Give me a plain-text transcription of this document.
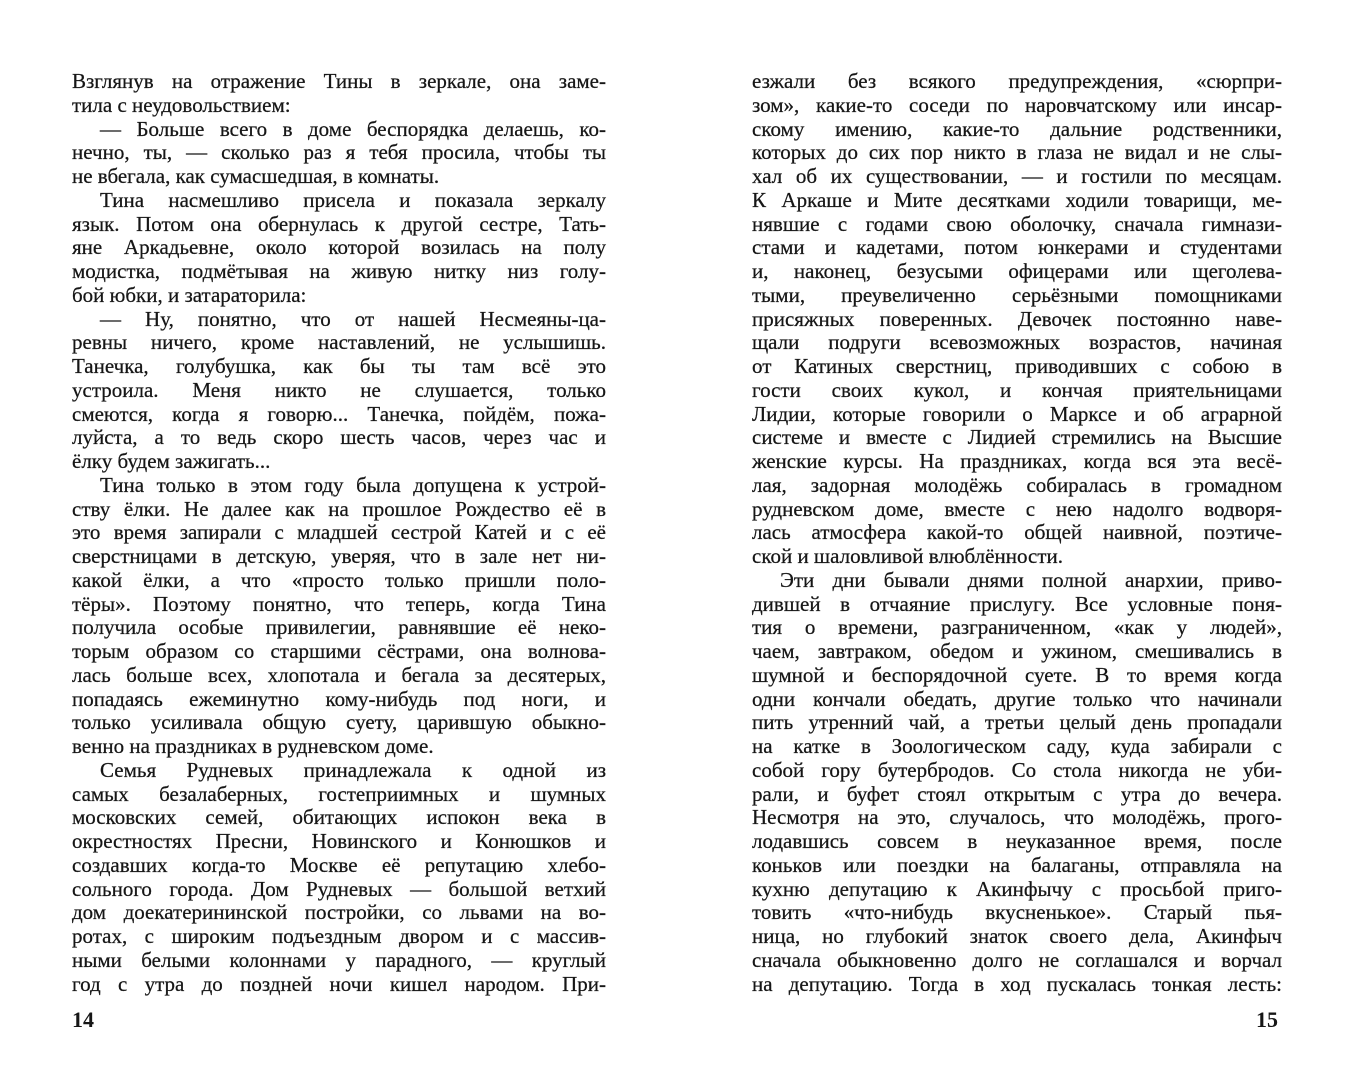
Взглянув на отражение Тины в зеркале, она заме-
тила с неудовольствием:
— Больше всего в доме беспорядка делаешь, ко-
нечно, ты, — сколько раз я тебя просила, чтобы ты
не вбегала, как сумасшедшая, в комнаты.
Тина насмешливо присела и показала зеркалу
язык. Потом она обернулась к другой сестре, Тать-
яне Аркадьевне, около которой возилась на полу
модистка, подмётывая на живую нитку низ голу-
бой юбки, и затараторила:
— Ну, понятно, что от нашей Несмеяны-ца-
ревны ничего, кроме наставлений, не услышишь.
Танечка, голубушка, как бы ты там всё это
устроила. Меня никто не слушается, только
смеются, когда я говорю... Танечка, пойдём, пожа-
луйста, а то ведь скоро шесть часов, через час и
ёлку будем зажигать...
Тина только в этом году была допущена к устрой-
ству ёлки. Не далее как на прошлое Рождество её в
это время запирали с младшей сестрой Катей и с её
сверстницами в детскую, уверяя, что в зале нет ни-
какой ёлки, а что «просто только пришли поло-
тёры». Поэтому понятно, что теперь, когда Тина
получила особые привилегии, равнявшие её неко-
торым образом со старшими сёстрами, она волнова-
лась больше всех, хлопотала и бегала за десятерых,
попадаясь ежеминутно кому-нибудь под ноги, и
только усиливала общую суету, царившую обыкно-
венно на праздниках в рудневском доме.
Семья Рудневых принадлежала к одной из
самых безалаберных, гостеприимных и шумных
московских семей, обитающих испокон века в
окрестностях Пресни, Новинского и Конюшков и
создавших когда-то Москве её репутацию хлебо-
сольного города. Дом Рудневых — большой ветхий
дом доекатерининской постройки, со львами на во-
ротах, с широким подъездным двором и с массив-
ными белыми колоннами у парадного, — круглый
год с утра до поздней ночи кишел народом. При-
езжали без всякого предупреждения, «сюрпри-
зом», какие-то соседи по наровчатскому или инсар-
скому имению, какие-то дальние родственники,
которых до сих пор никто в глаза не видал и не слы-
хал об их существовании, — и гостили по месяцам.
К Аркаше и Мите десятками ходили товарищи, ме-
нявшие с годами свою оболочку, сначала гимнази-
стами и кадетами, потом юнкерами и студентами
и, наконец, безусыми офицерами или щеголева-
тыми, преувеличенно серьёзными помощниками
присяжных поверенных. Девочек постоянно наве-
щали подруги всевозможных возрастов, начиная
от Катиных сверстниц, приводивших с собою в
гости своих кукол, и кончая приятельницами
Лидии, которые говорили о Марксе и об аграрной
системе и вместе с Лидией стремились на Высшие
женские курсы. На праздниках, когда вся эта весё-
лая, задорная молодёжь собиралась в громадном
рудневском доме, вместе с нею надолго водворя-
лась атмосфера какой-то общей наивной, поэтиче-
ской и шаловливой влюблённости.
Эти дни бывали днями полной анархии, приво-
дившей в отчаяние прислугу. Все условные поня-
тия о времени, разграниченном, «как у людей»,
чаем, завтраком, обедом и ужином, смешивались в
шумной и беспорядочной суете. В то время когда
одни кончали обедать, другие только что начинали
пить утренний чай, а третьи целый день пропадали
на катке в Зоологическом саду, куда забирали с
собой гору бутербродов. Со стола никогда не уби-
рали, и буфет стоял открытым с утра до вечера.
Несмотря на это, случалось, что молодёжь, прого-
лодавшись совсем в неуказанное время, после
коньков или поездки на балаганы, отправляла на
кухню депутацию к Акинфычу с просьбой приго-
товить «что-нибудь вкусненькое». Старый пья-
ница, но глубокий знаток своего дела, Акинфыч
сначала обыкновенно долго не соглашался и ворчал
на депутацию. Тогда в ход пускалась тонкая лесть:
14	15
